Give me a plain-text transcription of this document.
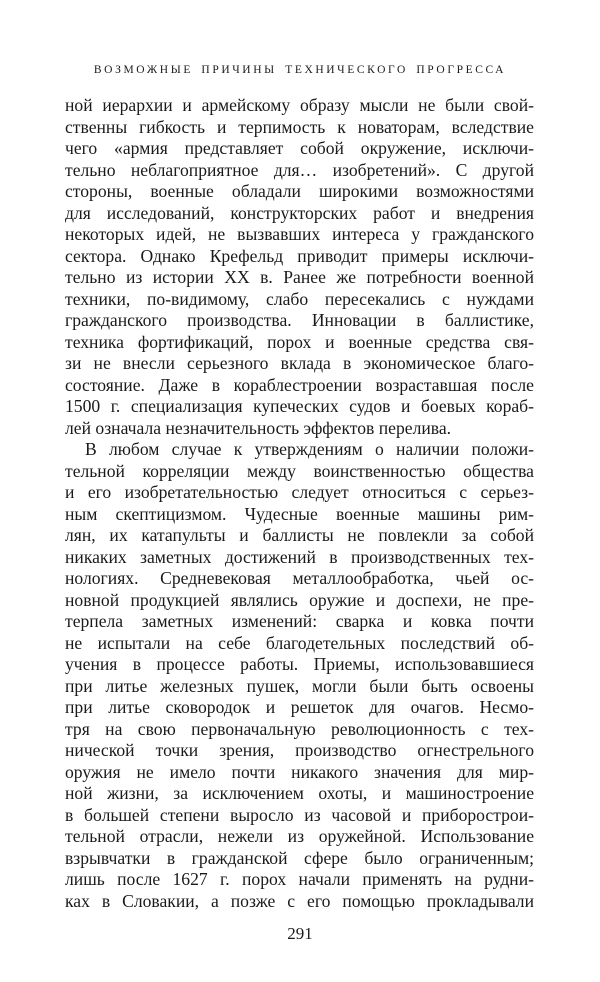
ВОЗМОЖНЫЕ ПРИЧИНЫ ТЕХНИЧЕСКОГО ПРОГРЕССА
ной иерархии и армейскому образу мысли не были свой-
ственны гибкость и терпимость к новаторам, вследствие
чего «армия представляет собой окружение, исключи-
тельно неблагоприятное для… изобретений». С другой
стороны, военные обладали широкими возможностями
для исследований, конструкторских работ и внедрения
некоторых идей, не вызвавших интереса у гражданского
сектора. Однако Крефельд приводит примеры исключи-
тельно из истории XX в. Ранее же потребности военной
техники, по-видимому, слабо пересекались с нуждами
гражданского производства. Инновации в баллистике,
техника фортификаций, порох и военные средства свя-
зи не внесли серьезного вклада в экономическое благо-
состояние. Даже в кораблестроении возраставшая после
1500 г. специализация купеческих судов и боевых кораб-
лей означала незначительность эффектов перелива.
В любом случае к утверждениям о наличии положи-
тельной корреляции между воинственностью общества
и его изобретательностью следует относиться с серьез-
ным скептицизмом. Чудесные военные машины рим-
лян, их катапульты и баллисты не повлекли за собой
никаких заметных достижений в производственных тех-
нологиях. Средневековая металлообработка, чьей ос-
новной продукцией являлись оружие и доспехи, не пре-
терпела заметных изменений: сварка и ковка почти
не испытали на себе благодетельных последствий об-
учения в процессе работы. Приемы, использовавшиеся
при литье железных пушек, могли были быть освоены
при литье сковородок и решеток для очагов. Несмо-
тря на свою первоначальную революционность с тех-
нической точки зрения, производство огнестрельного
оружия не имело почти никакого значения для мир-
ной жизни, за исключением охоты, и машиностроение
в большей степени выросло из часовой и приборострои-
тельной отрасли, нежели из оружейной. Использование
взрывчатки в гражданской сфере было ограниченным;
лишь после 1627 г. порох начали применять на рудни-
ках в Словакии, а позже с его помощью прокладывали
291
